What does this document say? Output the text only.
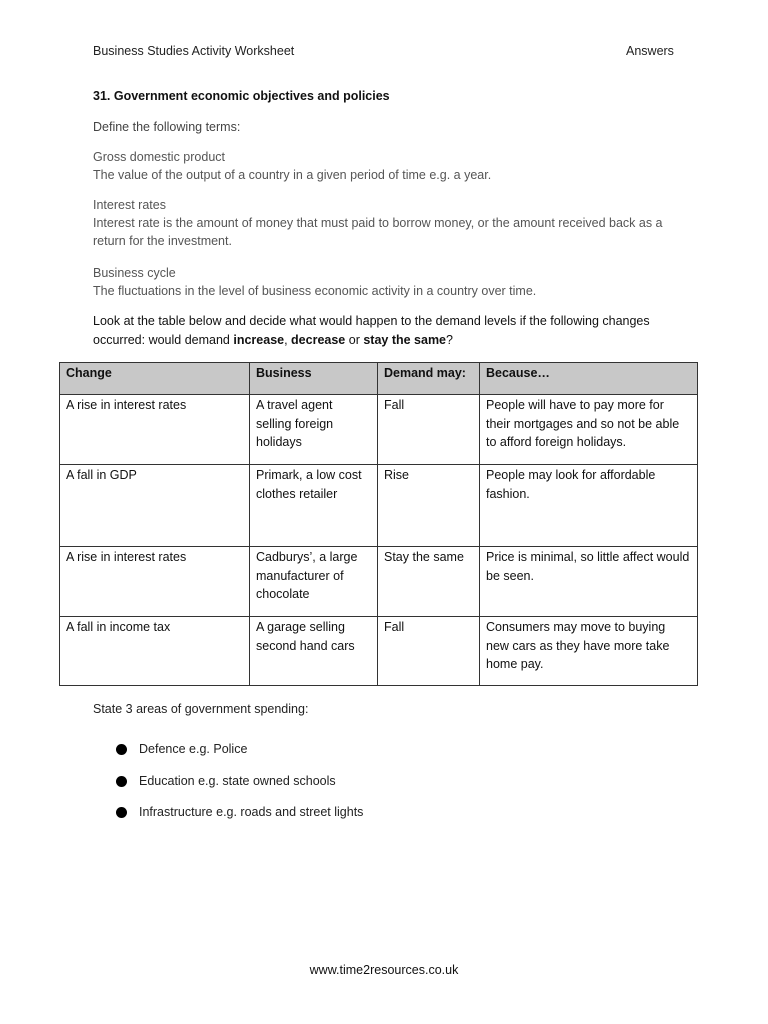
Business Studies Activity Worksheet	Answers
31. Government economic objectives and policies
Define the following terms:
Gross domestic product
The value of the output of a country in a given period of time e.g. a year.
Interest rates
Interest rate is the amount of money that must paid to borrow money, or the amount received back as a return for the investment.
Business cycle
The fluctuations in the level of business economic activity in a country over time.
Look at the table below and decide what would happen to the demand levels if the following changes occurred: would demand increase, decrease or stay the same?
Change	Business	Demand may:	Because…
A rise in interest rates	A travel agent selling foreign holidays	Fall	People will have to pay more for their mortgages and so not be able to afford foreign holidays.
A fall in GDP	Primark, a low cost clothes retailer	Rise	People may look for affordable fashion.
A rise in interest rates	Cadburys’, a large manufacturer of chocolate	Stay the same	Price is minimal, so little affect would be seen.
A fall in income tax	A garage selling second hand cars	Fall	Consumers may move to buying new cars as they have more take home pay.
State 3 areas of government spending:
Defence e.g. Police
Education e.g. state owned schools
Infrastructure e.g. roads and street lights
www.time2resources.co.uk
